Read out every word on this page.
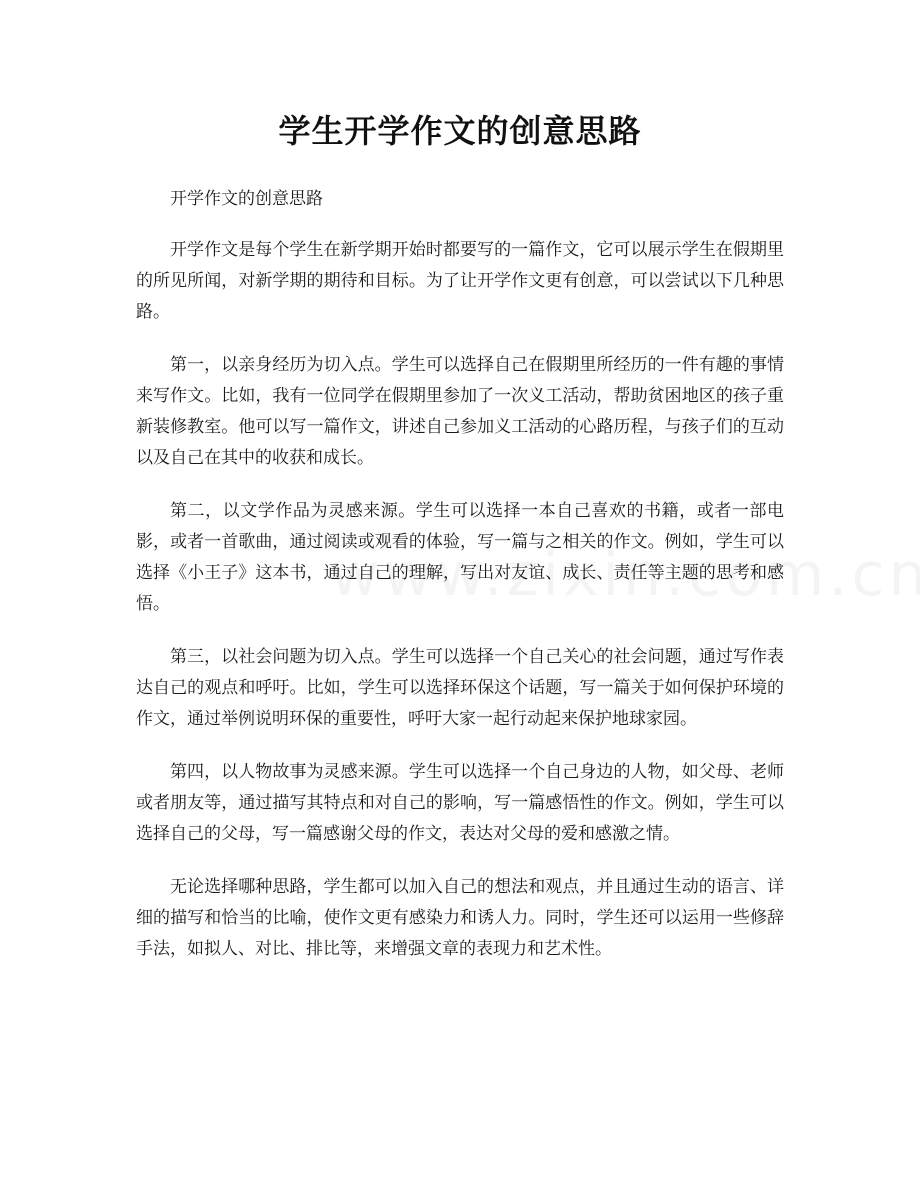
学生开学作文的创意思路

开学作文的创意思路

开学作文是每个学生在新学期开始时都要写的一篇作文，它可以展示学生在假期里的所见所闻，对新学期的期待和目标。为了让开学作文更有创意，可以尝试以下几种思路。

第一，以亲身经历为切入点。学生可以选择自己在假期里所经历的一件有趣的事情来写作文。比如，我有一位同学在假期里参加了一次义工活动，帮助贫困地区的孩子重新装修教室。他可以写一篇作文，讲述自己参加义工活动的心路历程，与孩子们的互动以及自己在其中的收获和成长。

第二，以文学作品为灵感来源。学生可以选择一本自己喜欢的书籍，或者一部电影，或者一首歌曲，通过阅读或观看的体验，写一篇与之相关的作文。例如，学生可以选择《小王子》这本书，通过自己的理解，写出对友谊、成长、责任等主题的思考和感悟。

第三，以社会问题为切入点。学生可以选择一个自己关心的社会问题，通过写作表达自己的观点和呼吁。比如，学生可以选择环保这个话题，写一篇关于如何保护环境的作文，通过举例说明环保的重要性，呼吁大家一起行动起来保护地球家园。

第四，以人物故事为灵感来源。学生可以选择一个自己身边的人物，如父母、老师或者朋友等，通过描写其特点和对自己的影响，写一篇感悟性的作文。例如，学生可以选择自己的父母，写一篇感谢父母的作文，表达对父母的爱和感激之情。

无论选择哪种思路，学生都可以加入自己的想法和观点，并且通过生动的语言、详细的描写和恰当的比喻，使作文更有感染力和诱人力。同时，学生还可以运用一些修辞手法，如拟人、对比、排比等，来增强文章的表现力和艺术性。
